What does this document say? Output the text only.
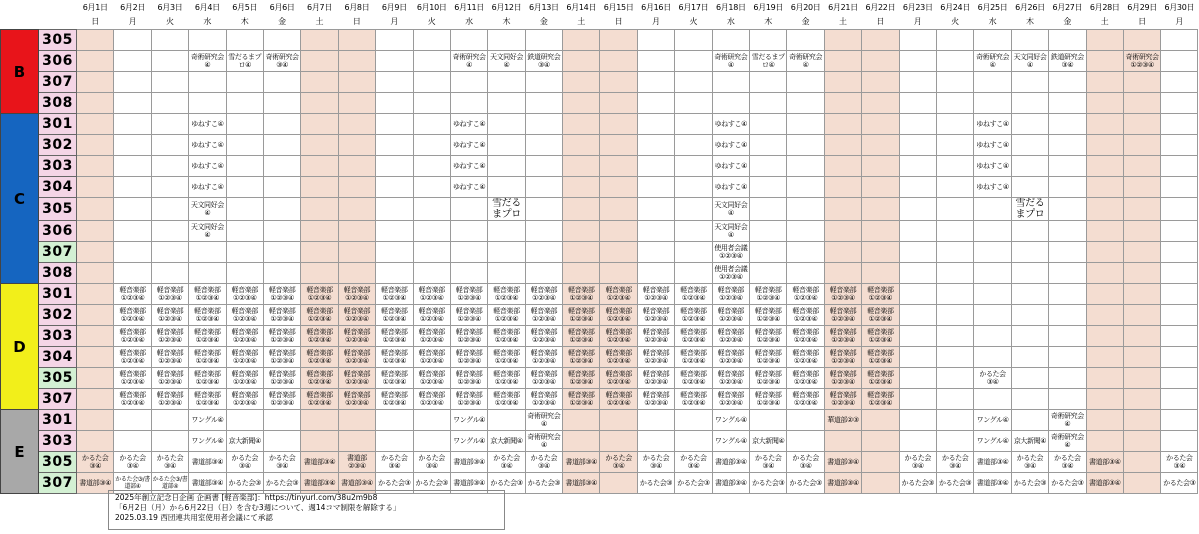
		6月1日	6月2日	6月3日	6月4日	6月5日	6月6日	6月7日	6月8日	6月9日	6月10日	6月11日	6月12日	6月13日	6月14日	6月15日	6月16日	6月17日	6月18日	6月19日	6月20日	6月21日	6月22日	6月23日	6月24日	6月25日	6月26日	6月27日	6月28日	6月29日	6月30日
		日	月	火	水	木	金	土	日	月	火	水	木	金	土	日	月	火	水	木	金	土	日	月	火	水	木	金	土	日	月
B	305																														
	306				奇術研究会④	雪だるまプロ④	奇術研究会③④					奇術研究会④	天文同好会④	鉄道研究会③④					奇術研究会④	雪だるまプロ④	奇術研究会④					奇術研究会④	天文同好会④	鉄道研究会③④		奇術研究会①②③④	
	307																														
	308																														
C	301				ゆねすこ④							ゆねすこ④							ゆねすこ④							ゆねすこ④					
	302				ゆねすこ④							ゆねすこ④							ゆねすこ④							ゆねすこ④					
	303				ゆねすこ④							ゆねすこ④							ゆねすこ④							ゆねすこ④					
	304				ゆねすこ④							ゆねすこ④							ゆねすこ④							ゆねすこ④					
	305				天文同好会④								雪だるまプロ						天文同好会④								雪だるまプロ				
	306				天文同好会④														天文同好会④												
	307																		使用者会議①②③④												
	308																		使用者会議①②③④												
D	301		軽音楽部①②③④	軽音楽部①②③④	軽音楽部①②③④	軽音楽部①②③④	軽音楽部①②③④	軽音楽部①②③④	軽音楽部①②③④	軽音楽部①②③④	軽音楽部①②③④	軽音楽部①②③④	軽音楽部①②③④	軽音楽部①②③④	軽音楽部①②③④	軽音楽部①②③④	軽音楽部①②③④	軽音楽部①②③④	軽音楽部①②③④	軽音楽部①②③④	軽音楽部①②③④	軽音楽部①②③④	軽音楽部①②③④								
	302		軽音楽部①②③④	軽音楽部①②③④	軽音楽部①②③④	軽音楽部①②③④	軽音楽部①②③④	軽音楽部①②③④	軽音楽部①②③④	軽音楽部①②③④	軽音楽部①②③④	軽音楽部①②③④	軽音楽部①②③④	軽音楽部①②③④	軽音楽部①②③④	軽音楽部①②③④	軽音楽部①②③④	軽音楽部①②③④	軽音楽部①②③④	軽音楽部①②③④	軽音楽部①②③④	軽音楽部①②③④	軽音楽部①②③④								
	303		軽音楽部①②③④	軽音楽部①②③④	軽音楽部①②③④	軽音楽部①②③④	軽音楽部①②③④	軽音楽部①②③④	軽音楽部①②③④	軽音楽部①②③④	軽音楽部①②③④	軽音楽部①②③④	軽音楽部①②③④	軽音楽部①②③④	軽音楽部①②③④	軽音楽部①②③④	軽音楽部①②③④	軽音楽部①②③④	軽音楽部①②③④	軽音楽部①②③④	軽音楽部①②③④	軽音楽部①②③④	軽音楽部①②③④								
	304		軽音楽部①②③④	軽音楽部①②③④	軽音楽部①②③④	軽音楽部①②③④	軽音楽部①②③④	軽音楽部①②③④	軽音楽部①②③④	軽音楽部①②③④	軽音楽部①②③④	軽音楽部①②③④	軽音楽部①②③④	軽音楽部①②③④	軽音楽部①②③④	軽音楽部①②③④	軽音楽部①②③④	軽音楽部①②③④	軽音楽部①②③④	軽音楽部①②③④	軽音楽部①②③④	軽音楽部①②③④	軽音楽部①②③④								
	305		軽音楽部①②③④	軽音楽部①②③④	軽音楽部①②③④	軽音楽部①②③④	軽音楽部①②③④	軽音楽部①②③④	軽音楽部①②③④	軽音楽部①②③④	軽音楽部①②③④	軽音楽部①②③④	軽音楽部①②③④	軽音楽部①②③④	軽音楽部①②③④	軽音楽部①②③④	軽音楽部①②③④	軽音楽部①②③④	軽音楽部①②③④	軽音楽部①②③④	軽音楽部①②③④	軽音楽部①②③④	軽音楽部①②③④			かるた会③④					
	307		軽音楽部①②③④	軽音楽部①②③④	軽音楽部①②③④	軽音楽部①②③④	軽音楽部①②③④	軽音楽部①②③④	軽音楽部①②③④	軽音楽部①②③④	軽音楽部①②③④	軽音楽部①②③④	軽音楽部①②③④	軽音楽部①②③④	軽音楽部①②③④	軽音楽部①②③④	軽音楽部①②③④	軽音楽部①②③④	軽音楽部①②③④	軽音楽部①②③④	軽音楽部①②③④	軽音楽部①②③④	軽音楽部①②③④								
E	301				ワングル④							ワングル④		奇術研究会④					ワングル④			華道部②③				ワングル④		奇術研究会④			
	303				ワングル④	京大新聞④						ワングル④	京大新聞④	奇術研究会④					ワングル④	京大新聞④						ワングル④	京大新聞④	奇術研究会④			
	305	かるた会③④	かるた会③④	かるた会③④	書道部③④	かるた会③④	かるた会③④	書道部③④	書道部②③④	かるた会③④	かるた会③④	書道部③④	かるた会③④	かるた会③④	書道部③④	かるた会③④	かるた会③④	かるた会③④	書道部③④	かるた会③④	かるた会③④	書道部③④		かるた会③④	かるた会③④	書道部③④	かるた会③④	かるた会③④	書道部③④		かるた会③④
	307	書道部③④	かるた会③/書道部④	かるた会③/書道部④	書道部③④	かるた会③	かるた会③	書道部③④	書道部③④	かるた会③	かるた会③	書道部③④	かるた会③	かるた会③	書道部③④		かるた会③	かるた会③	書道部③④	かるた会③	かるた会③	書道部③④		かるた会③	かるた会③	書道部③④	かるた会③	かるた会③	書道部③④		かるた会③
2025年創立記念日企画 企画書 [軽音楽部]：https://tinyurl.com/38u2m9b8
「6月2日（月）から6月22日（日）を含む3週について、週14コマ制限を解除する」
2025.03.19 西団連共用室使用者会議にて承認
